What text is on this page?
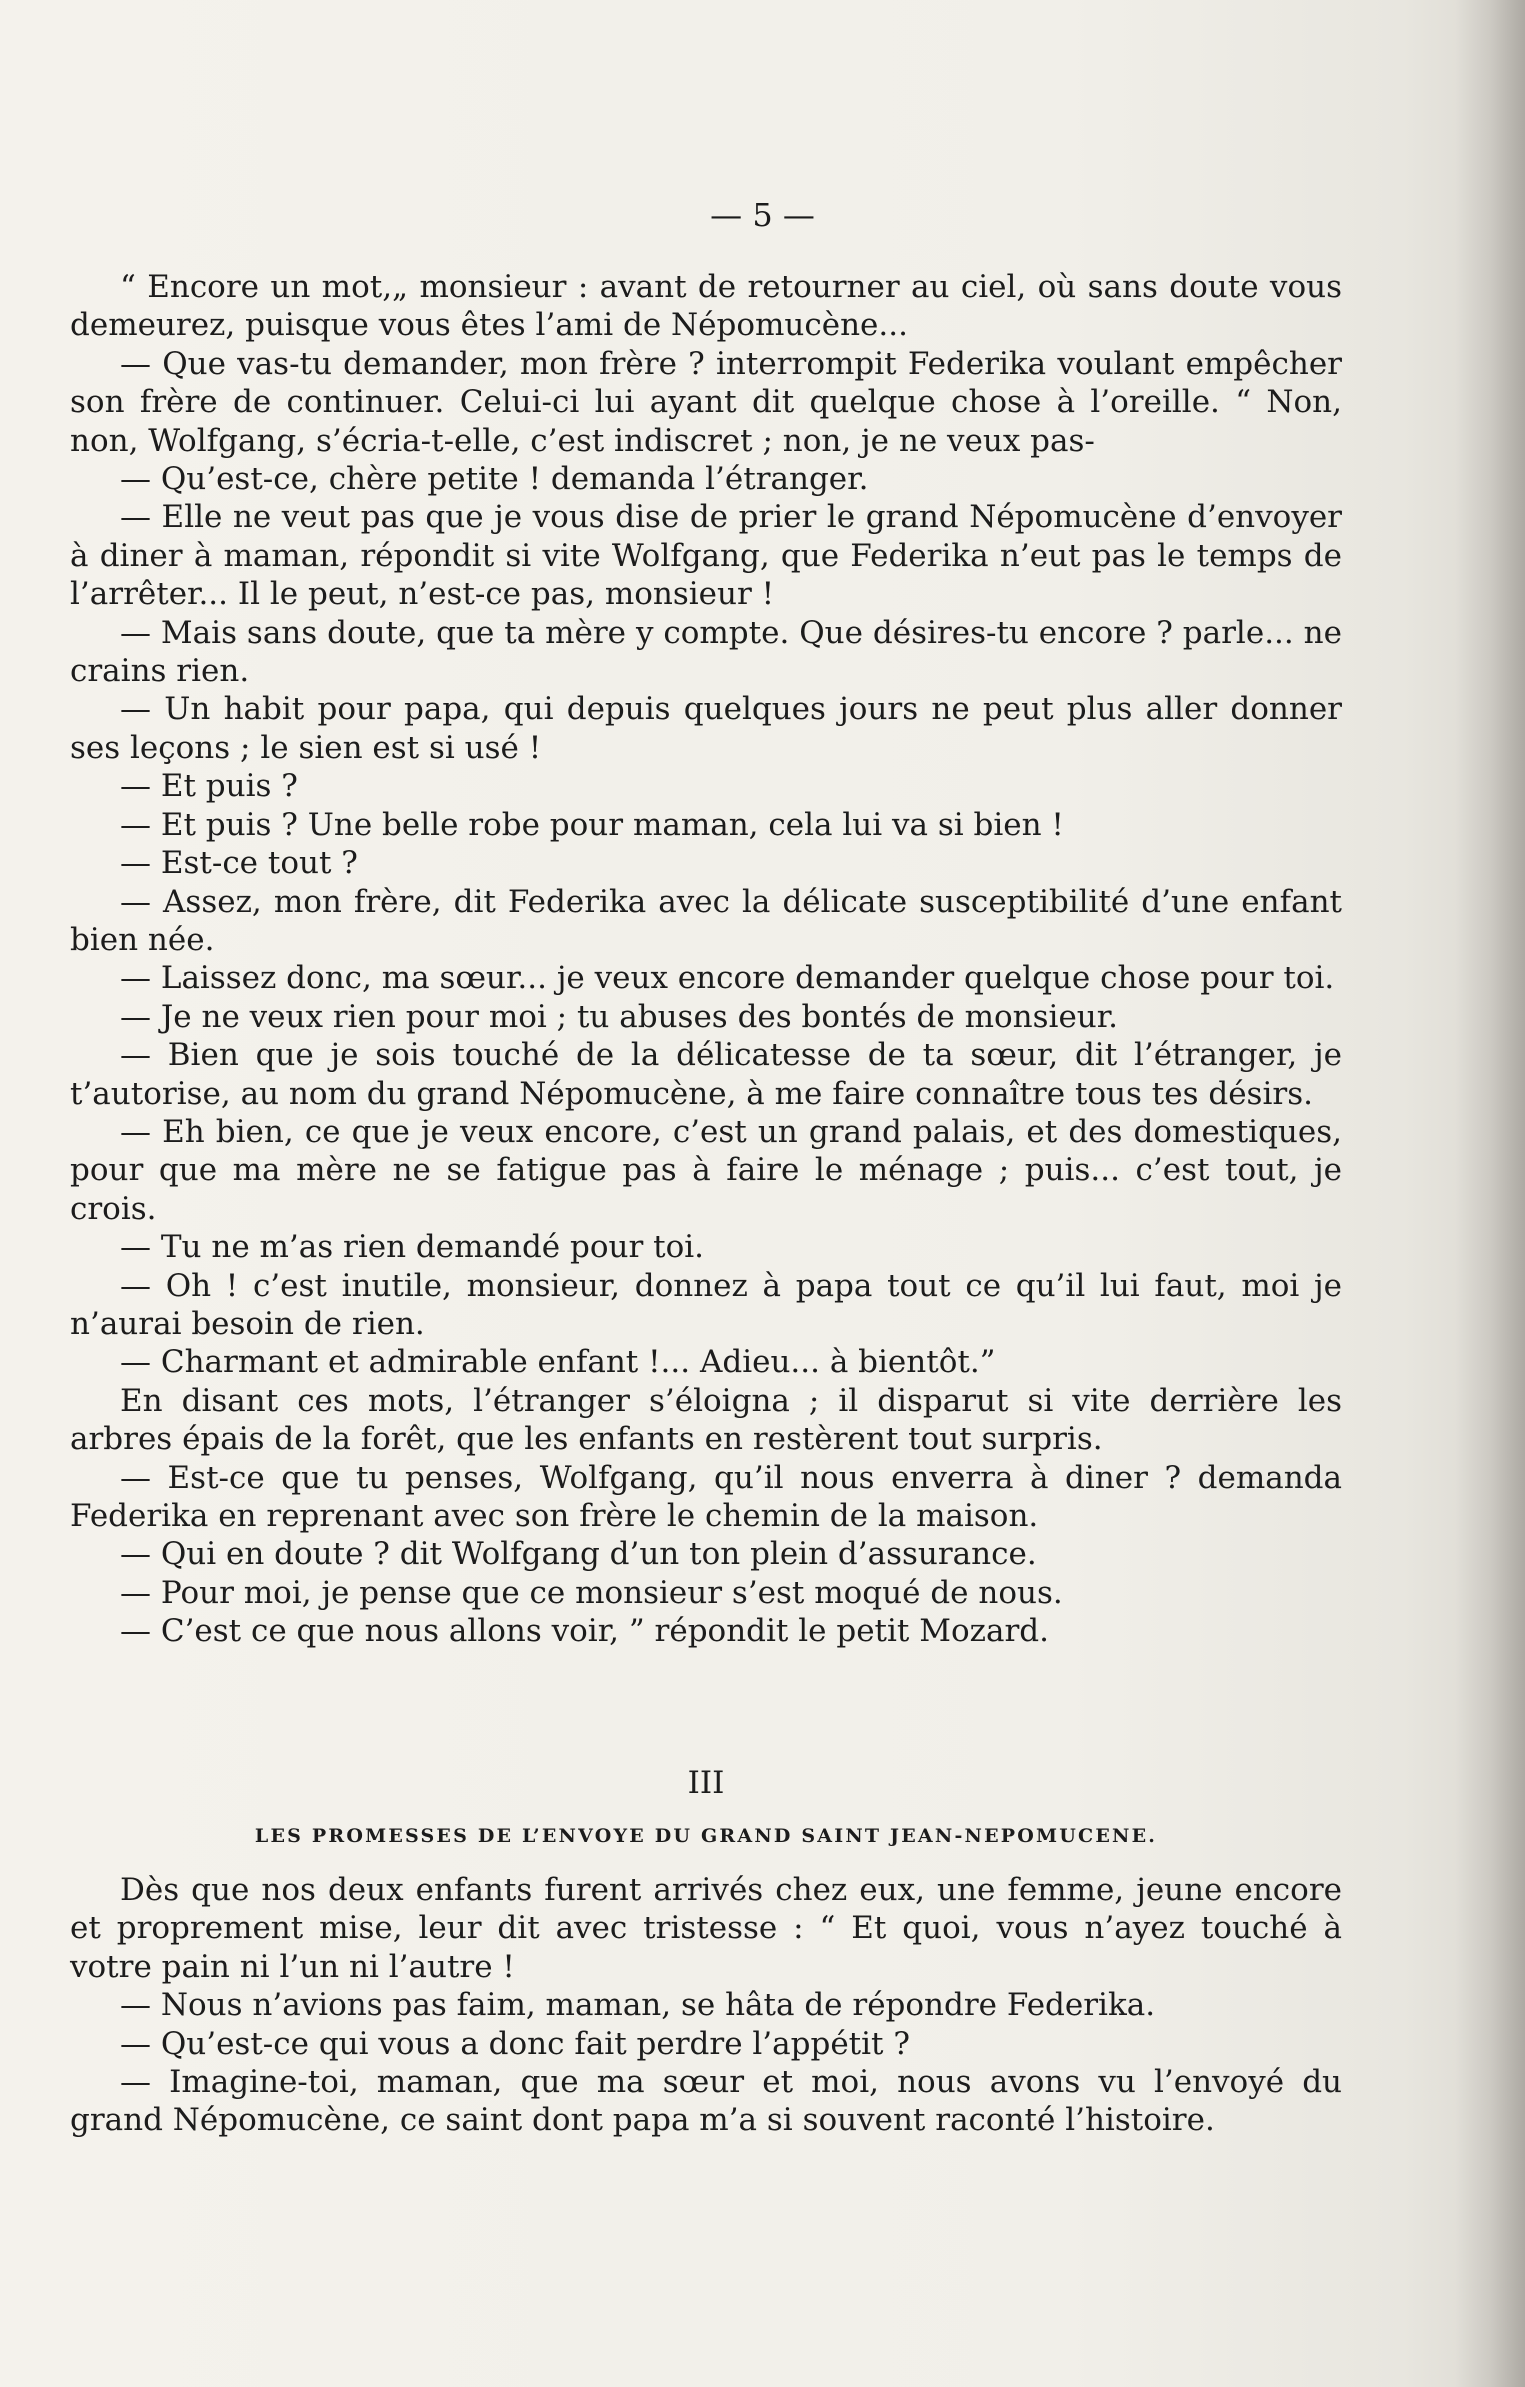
— 5 —

“ Encore un mot,„ monsieur : avant de retourner au ciel, où sans doute vous demeurez, puisque vous êtes l’ami de Népomucène...

— Que vas-tu demander, mon frère ? interrompit Federika voulant empêcher son frère de continuer. Celui-ci lui ayant dit quelque chose à l’oreille. “ Non, non, Wolfgang, s’écria-t-elle, c’est indiscret ; non, je ne veux pas-

— Qu’est-ce, chère petite ! demanda l’étranger.

— Elle ne veut pas que je vous dise de prier le grand Népomucène d’envoyer à diner à maman, répondit si vite Wolfgang, que Federika n’eut pas le temps de l’arrêter... Il le peut, n’est-ce pas, monsieur !

— Mais sans doute, que ta mère y compte. Que désires-tu encore ? parle... ne crains rien.

— Un habit pour papa, qui depuis quelques jours ne peut plus aller donner ses leçons ; le sien est si usé !

— Et puis ?

— Et puis ? Une belle robe pour maman, cela lui va si bien !

— Est-ce tout ?

— Assez, mon frère, dit Federika avec la délicate susceptibilité d’une enfant bien née.

— Laissez donc, ma sœur... je veux encore demander quelque chose pour toi.

— Je ne veux rien pour moi ; tu abuses des bontés de monsieur.

— Bien que je sois touché de la délicatesse de ta sœur, dit l’étranger, je t’autorise, au nom du grand Népomucène, à me faire connaître tous tes désirs.

— Eh bien, ce que je veux encore, c’est un grand palais, et des domestiques, pour que ma mère ne se fatigue pas à faire le ménage ; puis... c’est tout, je crois.

— Tu ne m’as rien demandé pour toi.

— Oh ! c’est inutile, monsieur, donnez à papa tout ce qu’il lui faut, moi je n’aurai besoin de rien.

— Charmant et admirable enfant !... Adieu... à bientôt.”

En disant ces mots, l’étranger s’éloigna ; il disparut si vite derrière les arbres épais de la forêt, que les enfants en restèrent tout surpris.

— Est-ce que tu penses, Wolfgang, qu’il nous enverra à diner ? demanda Federika en reprenant avec son frère le chemin de la maison.

— Qui en doute ? dit Wolfgang d’un ton plein d’assurance.

— Pour moi, je pense que ce monsieur s’est moqué de nous.

— C’est ce que nous allons voir, ” répondit le petit Mozard.

III
LES PROMESSES DE L’ENVOYE DU GRAND SAINT JEAN-NEPOMUCENE.

Dès que nos deux enfants furent arrivés chez eux, une femme, jeune encore et proprement mise, leur dit avec tristesse : “ Et quoi, vous n’ayez touché à votre pain ni l’un ni l’autre !

— Nous n’avions pas faim, maman, se hâta de répondre Federika.

— Qu’est-ce qui vous a donc fait perdre l’appétit ?

— Imagine-toi, maman, que ma sœur et moi, nous avons vu l’envoyé du grand Népomucène, ce saint dont papa m’a si souvent raconté l’histoire.
